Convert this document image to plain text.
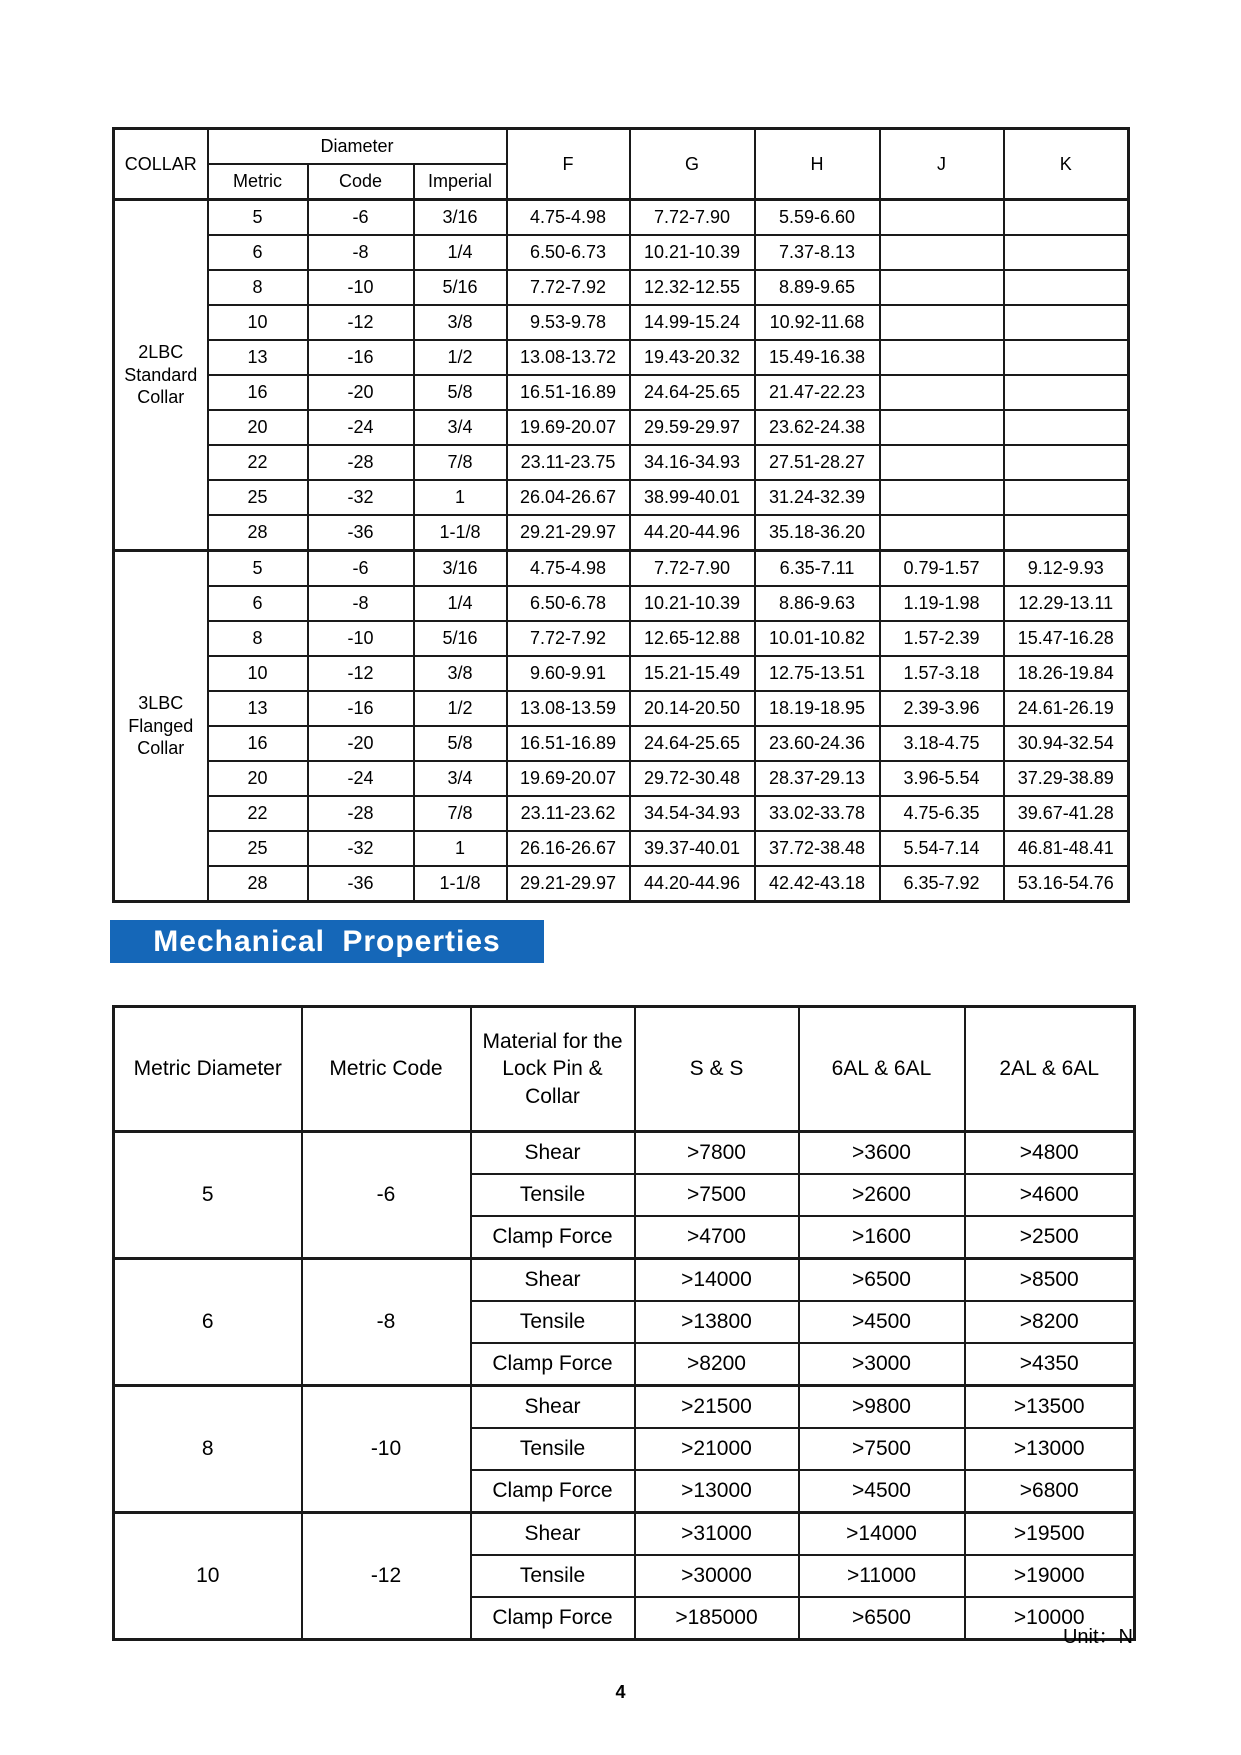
COLLAR	Diameter			F	G	H	J	K
	Metric	Code	Imperial					
2LBC
Standard
Collar	5	-6	3/16	4.75-4.98	7.72-7.90	5.59-6.60		
	6	-8	1/4	6.50-6.73	10.21-10.39	7.37-8.13		
	8	-10	5/16	7.72-7.92	12.32-12.55	8.89-9.65		
	10	-12	3/8	9.53-9.78	14.99-15.24	10.92-11.68		
	13	-16	1/2	13.08-13.72	19.43-20.32	15.49-16.38		
	16	-20	5/8	16.51-16.89	24.64-25.65	21.47-22.23		
	20	-24	3/4	19.69-20.07	29.59-29.97	23.62-24.38		
	22	-28	7/8	23.11-23.75	34.16-34.93	27.51-28.27		
	25	-32	1	26.04-26.67	38.99-40.01	31.24-32.39		
	28	-36	1-1/8	29.21-29.97	44.20-44.96	35.18-36.20		
3LBC
Flanged
Collar	5	-6	3/16	4.75-4.98	7.72-7.90	6.35-7.11	0.79-1.57	9.12-9.93
	6	-8	1/4	6.50-6.78	10.21-10.39	8.86-9.63	1.19-1.98	12.29-13.11
	8	-10	5/16	7.72-7.92	12.65-12.88	10.01-10.82	1.57-2.39	15.47-16.28
	10	-12	3/8	9.60-9.91	15.21-15.49	12.75-13.51	1.57-3.18	18.26-19.84
	13	-16	1/2	13.08-13.59	20.14-20.50	18.19-18.95	2.39-3.96	24.61-26.19
	16	-20	5/8	16.51-16.89	24.64-25.65	23.60-24.36	3.18-4.75	30.94-32.54
	20	-24	3/4	19.69-20.07	29.72-30.48	28.37-29.13	3.96-5.54	37.29-38.89
	22	-28	7/8	23.11-23.62	34.54-34.93	33.02-33.78	4.75-6.35	39.67-41.28
	25	-32	1	26.16-26.67	39.37-40.01	37.72-38.48	5.54-7.14	46.81-48.41
	28	-36	1-1/8	29.21-29.97	44.20-44.96	42.42-43.18	6.35-7.92	53.16-54.76
Mechanical Properties
Metric Diameter	Metric Code	Material for the Lock Pin & Collar	S & S	6AL & 6AL	2AL & 6AL
5	-6	Shear	>7800	>3600	>4800
		Tensile	>7500	>2600	>4600
		Clamp Force	>4700	>1600	>2500
6	-8	Shear	>14000	>6500	>8500
		Tensile	>13800	>4500	>8200
		Clamp Force	>8200	>3000	>4350
8	-10	Shear	>21500	>9800	>13500
		Tensile	>21000	>7500	>13000
		Clamp Force	>13000	>4500	>6800
10	-12	Shear	>31000	>14000	>19500
		Tensile	>30000	>11000	>19000
		Clamp Force	>185000	>6500	>10000
Unit：N
4
